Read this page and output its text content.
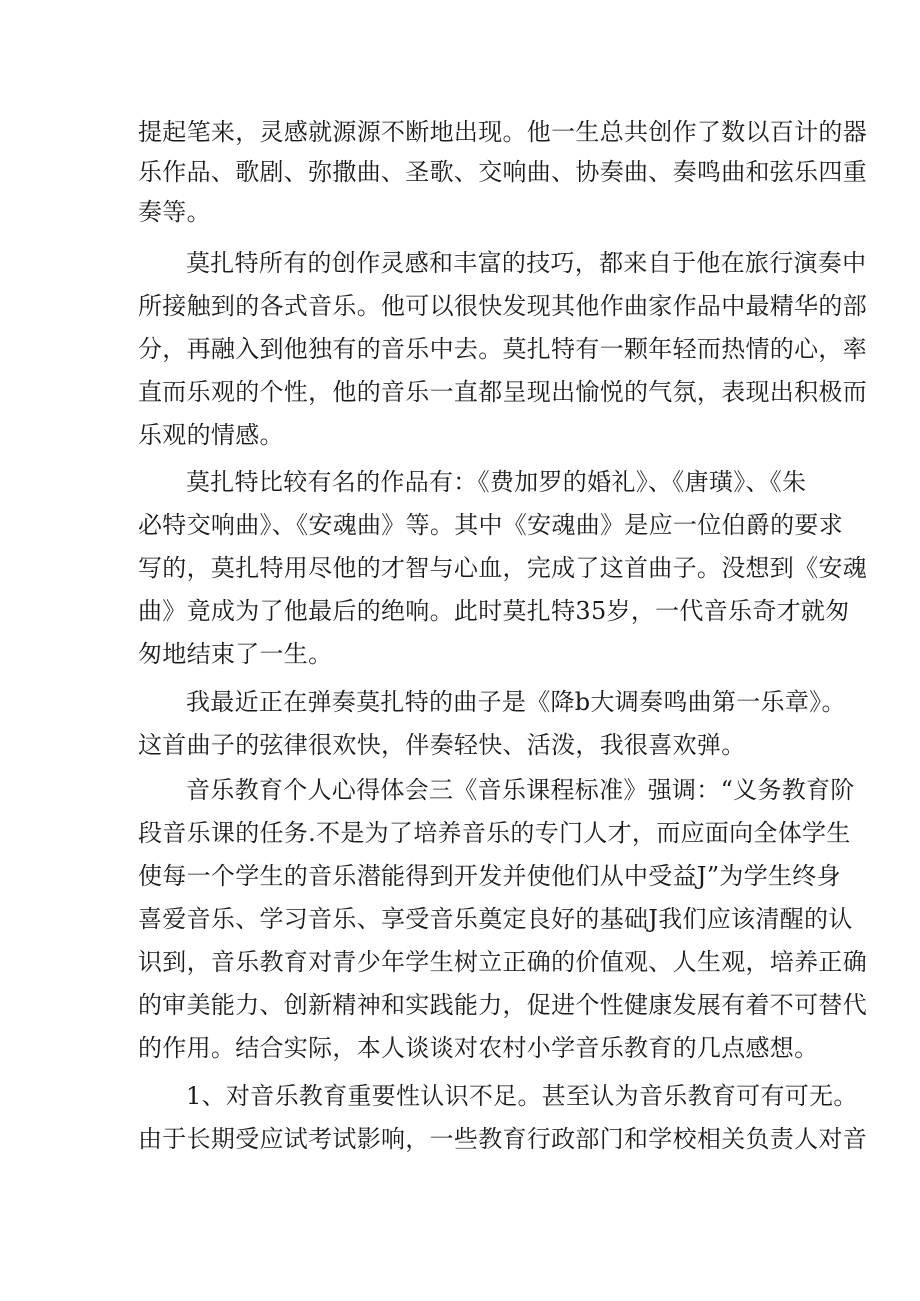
提起笔来，灵感就源源不断地出现。他一生总共创作了数以百计的器
乐作品、歌剧、弥撒曲、圣歌、交响曲、协奏曲、奏鸣曲和弦乐四重
奏等。
莫扎特所有的创作灵感和丰富的技巧，都来自于他在旅行演奏中
所接触到的各式音乐。他可以很快发现其他作曲家作品中最精华的部
分，再融入到他独有的音乐中去。莫扎特有一颗年轻而热情的心，率
直而乐观的个性，他的音乐一直都呈现出愉悦的气氛，表现出积极而
乐观的情感。
莫扎特比较有名的作品有：《费加罗的婚礼》、《唐璜》、《朱
必特交响曲》、《安魂曲》等。其中《安魂曲》是应一位伯爵的要求
写的，莫扎特用尽他的才智与心血，完成了这首曲子。没想到《安魂
曲》竟成为了他最后的绝响。此时莫扎特35岁，一代音乐奇才就匆
匆地结束了一生。
我最近正在弹奏莫扎特的曲子是《降b大调奏鸣曲第一乐章》。
这首曲子的弦律很欢快，伴奏轻快、活泼，我很喜欢弹。
音乐教育个人心得体会三《音乐课程标准》强调：“义务教育阶
段音乐课的任务.不是为了培养音乐的专门人才，而应面向全体学生
使每一个学生的音乐潜能得到开发并使他们从中受益J”为学生终身
喜爱音乐、学习音乐、享受音乐奠定良好的基础J我们应该清醒的认
识到，音乐教育对青少年学生树立正确的价值观、人生观，培养正确
的审美能力、创新精神和实践能力，促进个性健康发展有着不可替代
的作用。结合实际，本人谈谈对农村小学音乐教育的几点感想。
1、对音乐教育重要性认识不足。甚至认为音乐教育可有可无。
由于长期受应试考试影响，一些教育行政部门和学校相关负责人对音
